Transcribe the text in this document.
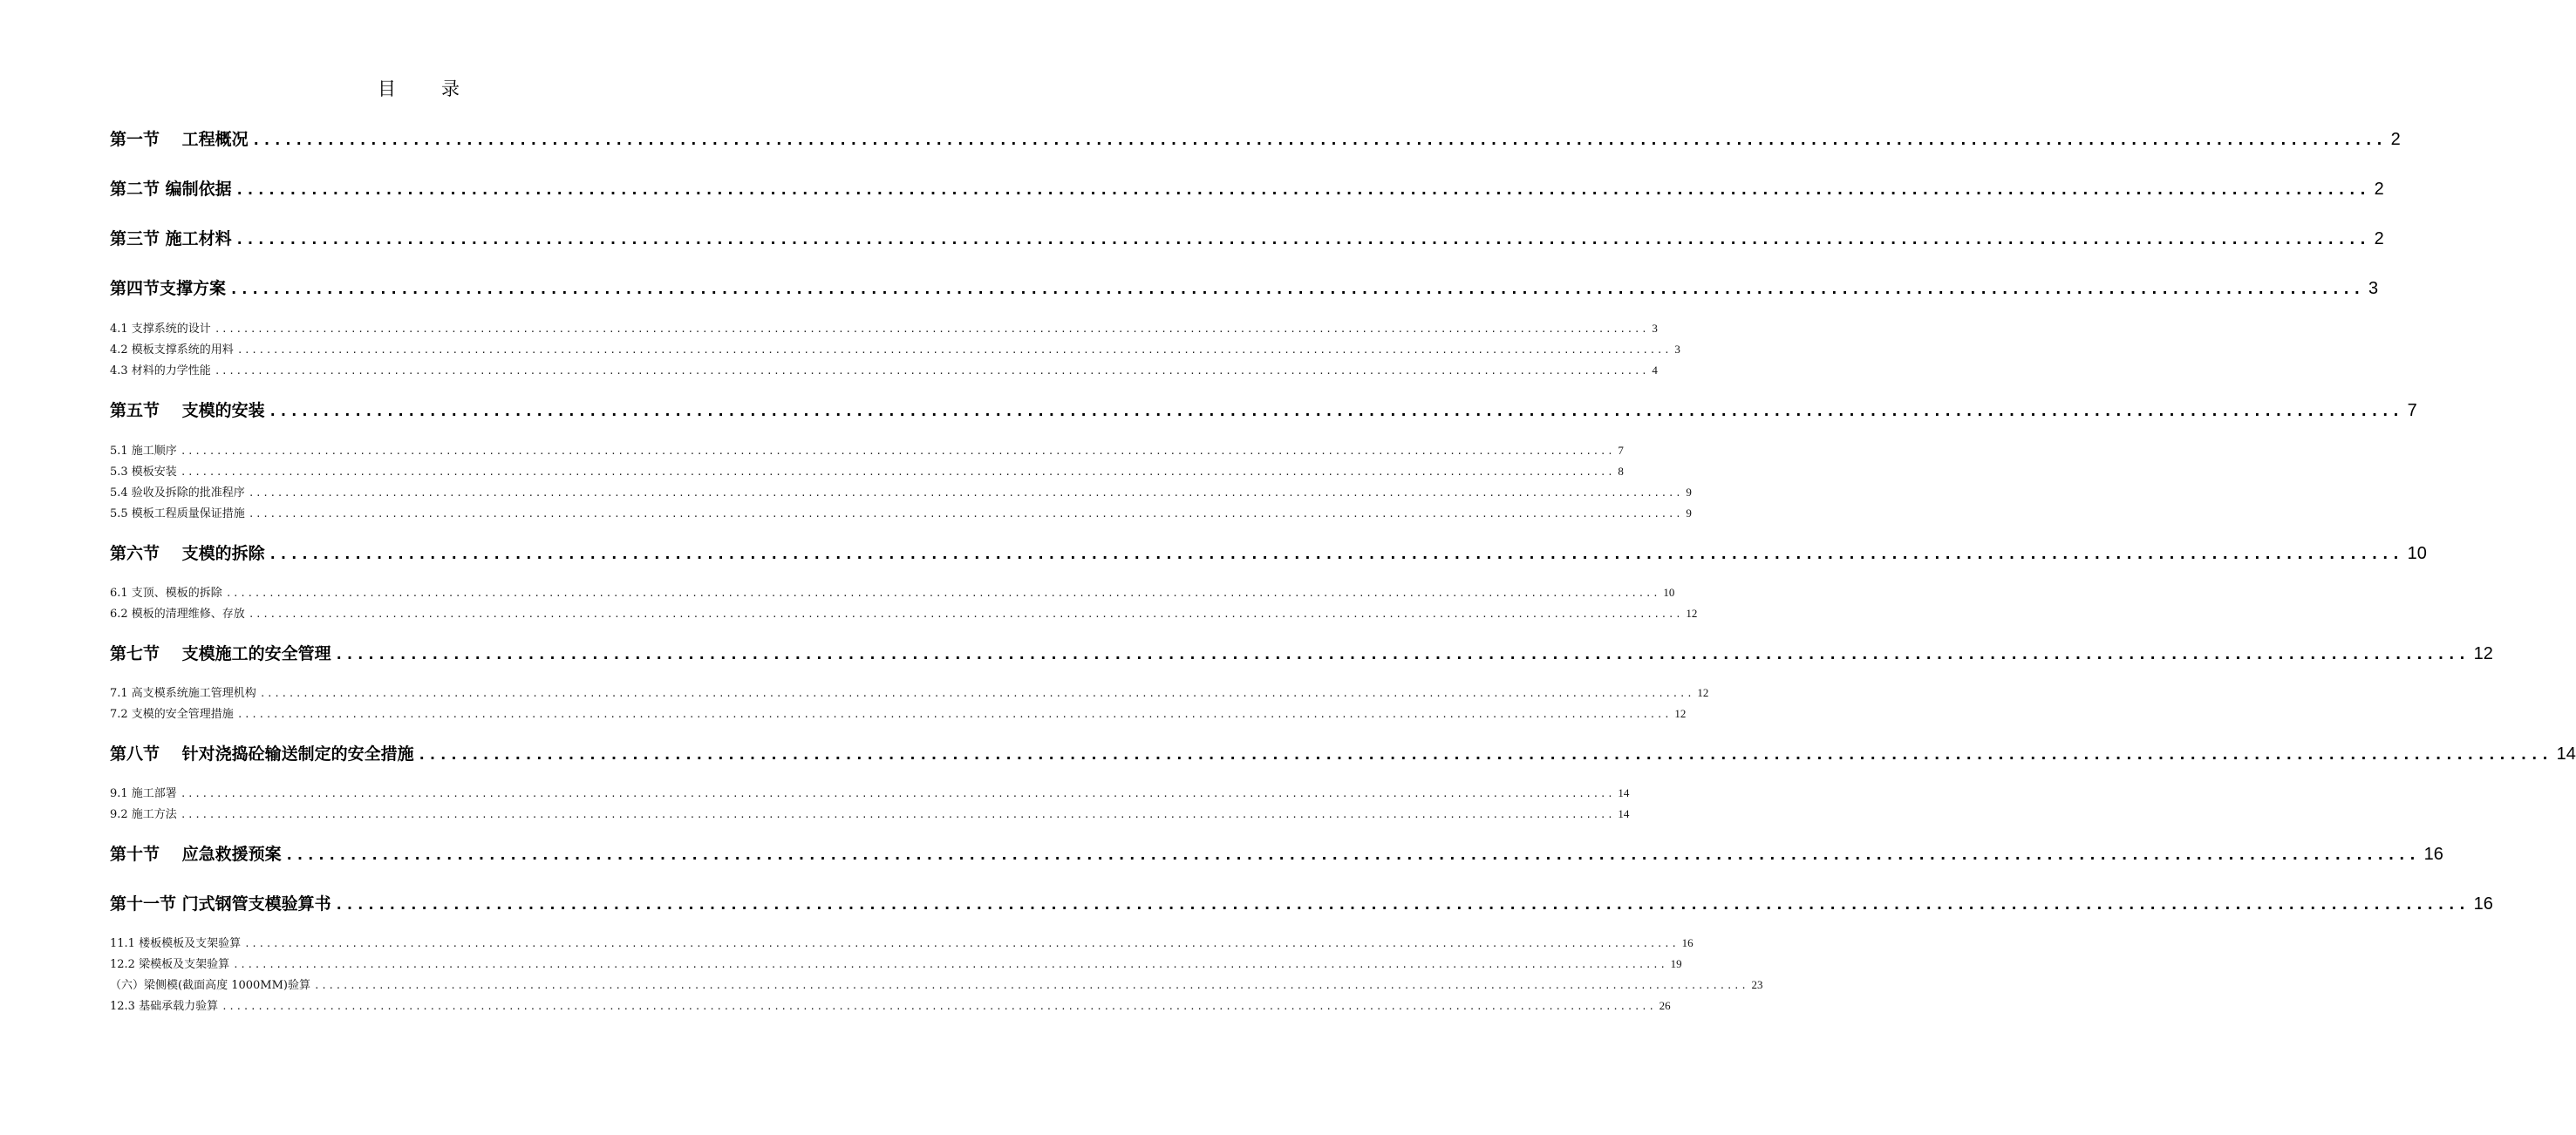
目 录
第一节　 工程概况 ........................................................................................................................................................................................................ 2
第二节 编制依据 ........................................................................................................................................................................................................ 2
第三节 施工材料 ........................................................................................................................................................................................................ 2
第四节支撑方案 ........................................................................................................................................................................................................ 3
4.1 支撑系统的设计 ........................................................................................................................................................................................................ 3
4.2 模板支撑系统的用料 ........................................................................................................................................................................................................ 3
4.3 材料的力学性能 ........................................................................................................................................................................................................ 4
第五节　 支模的安装 ........................................................................................................................................................................................................ 7
5.1 施工顺序 ........................................................................................................................................................................................................ 7
5.3 模板安装 ........................................................................................................................................................................................................ 8
5.4 验收及拆除的批准程序 ........................................................................................................................................................................................................ 9
5.5 模板工程质量保证措施 ........................................................................................................................................................................................................ 9
第六节　 支模的拆除 ........................................................................................................................................................................................................ 10
6.1 支顶、模板的拆除 ........................................................................................................................................................................................................ 10
6.2 模板的清理维修、存放 ........................................................................................................................................................................................................ 12
第七节　 支模施工的安全管理 ........................................................................................................................................................................................................ 12
7.1 高支模系统施工管理机构 ........................................................................................................................................................................................................ 12
7.2 支模的安全管理措施 ........................................................................................................................................................................................................ 12
第八节　 针对浇捣砼输送制定的安全措施 ........................................................................................................................................................................................................ 14
9.1 施工部署 ........................................................................................................................................................................................................ 14
9.2 施工方法 ........................................................................................................................................................................................................ 14
第十节　 应急救援预案 ........................................................................................................................................................................................................ 16
第十一节 门式钢管支模验算书 ........................................................................................................................................................................................................ 16
11.1 楼板模板及支架验算 ........................................................................................................................................................................................................ 16
12.2 梁模板及支架验算 ........................................................................................................................................................................................................ 19
（六）梁侧模(截面高度 1000MM)验算 ........................................................................................................................................................................................................ 23
12.3 基础承载力验算 ........................................................................................................................................................................................................ 26
